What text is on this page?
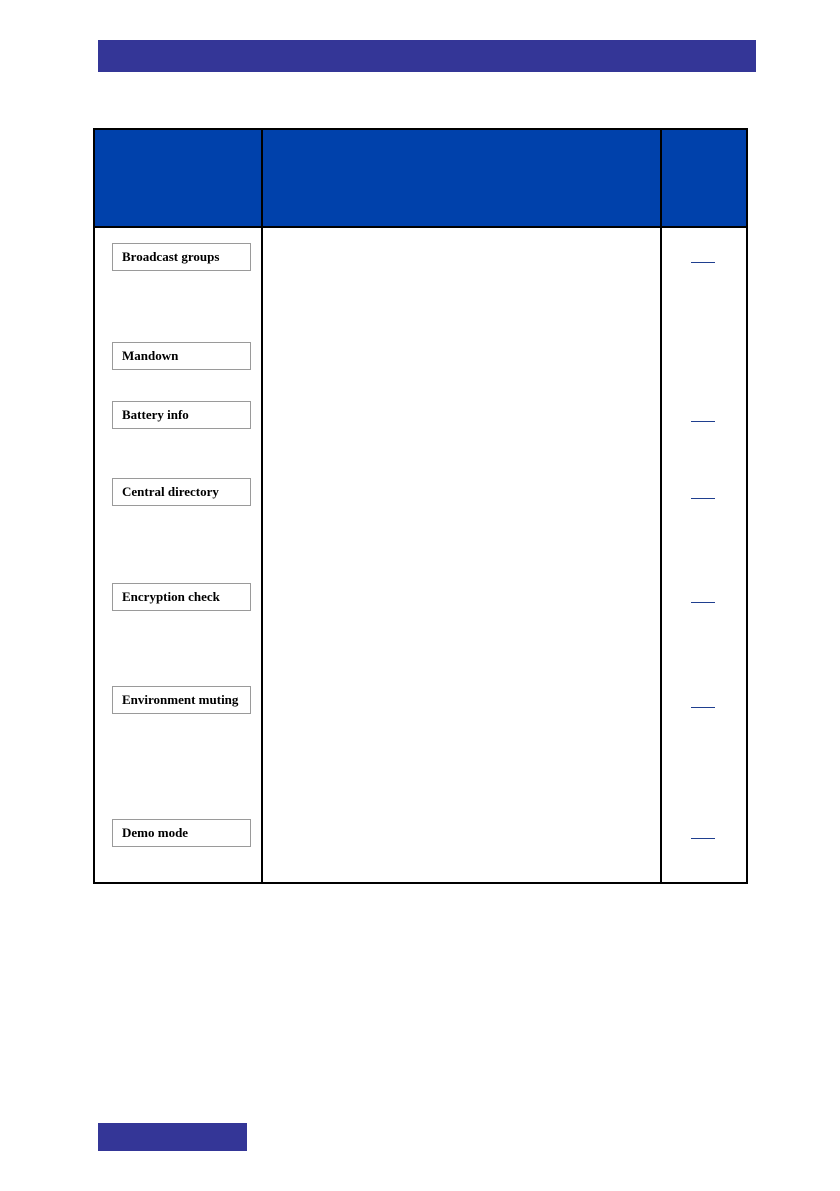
Broadcast groups
Mandown
Battery info
Central directory
Encryption check
Environment muting
Demo mode
